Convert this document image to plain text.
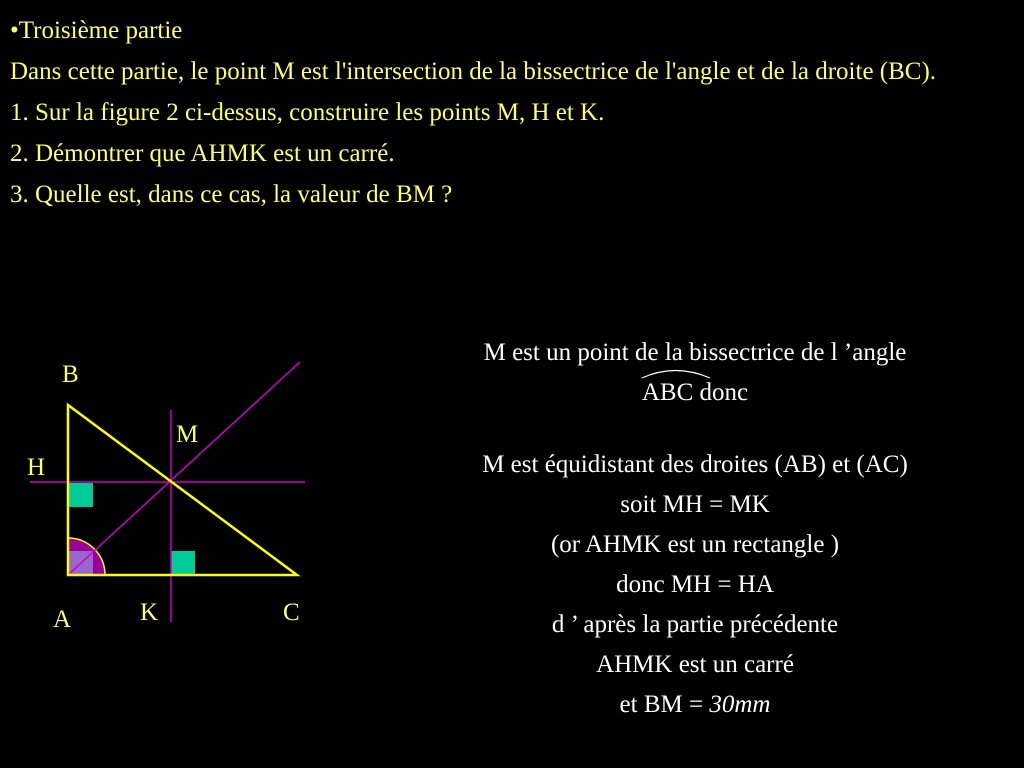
•Troisième partie
Dans cette partie, le point M est l'intersection de la bissectrice de l'angle et de la droite (BC).
1. Sur la figure 2 ci-dessus, construire les points M, H et K.
2. Démontrer que AHMK est un carré.
3. Quelle est, dans ce cas, la valeur de BM ?
B
M
H
A	K	C
M est un point de la bissectrice de l ’angle
ABC donc
M est équidistant des droites (AB) et (AC)
soit MH = MK
(or AHMK est un rectangle )
donc MH = HA
d ’ après la partie précédente
AHMK est un carré
et BM = 30mm
